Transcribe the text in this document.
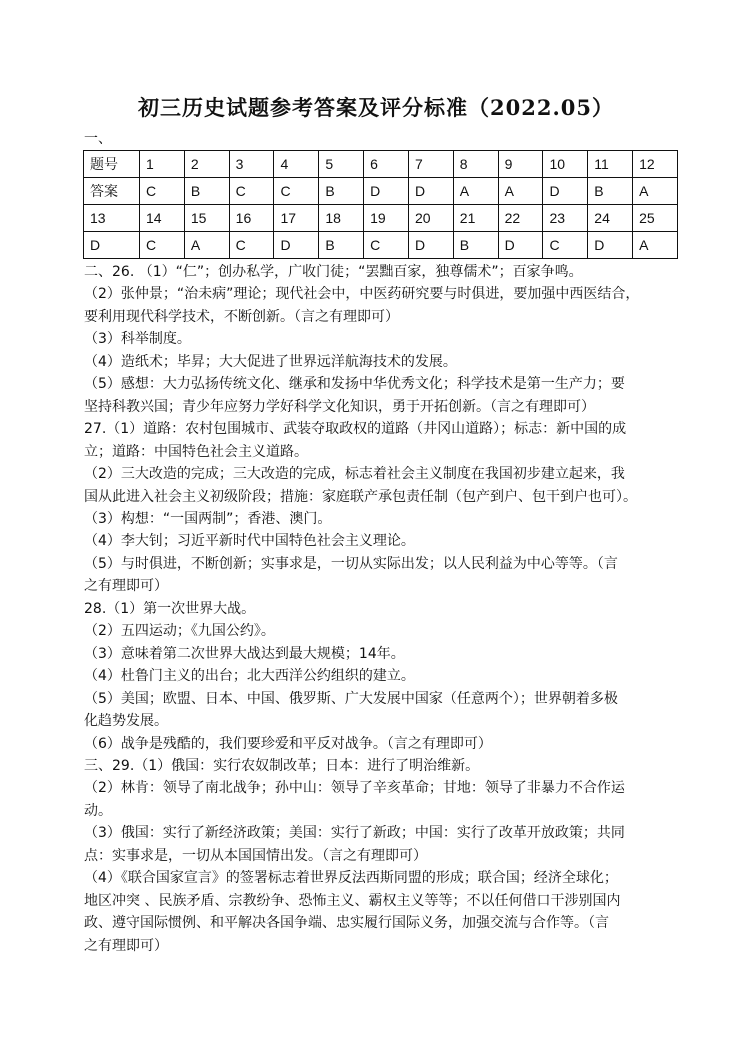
初三历史试题参考答案及评分标准（2022.05）
一、
题号	1	2	3	4	5	6	7	8	9	10	11	12
答案	C	B	C	C	B	D	D	A	A	D	B	A
13	14	15	16	17	18	19	20	21	22	23	24	25
D	C	A	C	D	B	C	D	B	D	C	D	A

二、26. （1）“仁”；创办私学，广收门徒；“罢黜百家，独尊儒术”；百家争鸣。

（2）张仲景；“治未病”理论；现代社会中，中医药研究要与时俱进，要加强中西医结合，

要利用现代科学技术，不断创新。（言之有理即可）

（3）科举制度。

（4）造纸术；毕昇；大大促进了世界远洋航海技术的发展。

（5）感想：大力弘扬传统文化、继承和发扬中华优秀文化；科学技术是第一生产力；要

坚持科教兴国；青少年应努力学好科学文化知识，勇于开拓创新。（言之有理即可）

27.（1）道路：农村包围城市、武装夺取政权的道路（井冈山道路）；标志：新中国的成

立；道路：中国特色社会主义道路。

（2）三大改造的完成；三大改造的完成，标志着社会主义制度在我国初步建立起来，我

国从此进入社会主义初级阶段；措施：家庭联产承包责任制（包产到户、包干到户也可）。

（3）构想：“一国两制”；香港、澳门。

（4）李大钊；习近平新时代中国特色社会主义理论。

（5）与时俱进，不断创新；实事求是，一切从实际出发；以人民利益为中心等等。（言

之有理即可）

28.（1）第一次世界大战。

（2）五四运动；《九国公约》。

（3）意味着第二次世界大战达到最大规模；14年。

（4）杜鲁门主义的出台；北大西洋公约组织的建立。

（5）美国；欧盟、日本、中国、俄罗斯、广大发展中国家（任意两个）；世界朝着多极

化趋势发展。

（6）战争是残酷的，我们要珍爱和平反对战争。（言之有理即可）

三、29.（1）俄国：实行农奴制改革；日本：进行了明治维新。

（2）林肯：领导了南北战争；孙中山：领导了辛亥革命；甘地：领导了非暴力不合作运

动。

（3）俄国：实行了新经济政策；美国：实行了新政；中国：实行了改革开放政策；共同

点：实事求是，一切从本国国情出发。（言之有理即可）

（4）《联合国家宣言》的签署标志着世界反法西斯同盟的形成；联合国；经济全球化；

地区冲突 、民族矛盾、宗教纷争、恐怖主义、霸权主义等等；不以任何借口干涉别国内

政、遵守国际惯例、和平解决各国争端、忠实履行国际义务，加强交流与合作等。（言

之有理即可）
